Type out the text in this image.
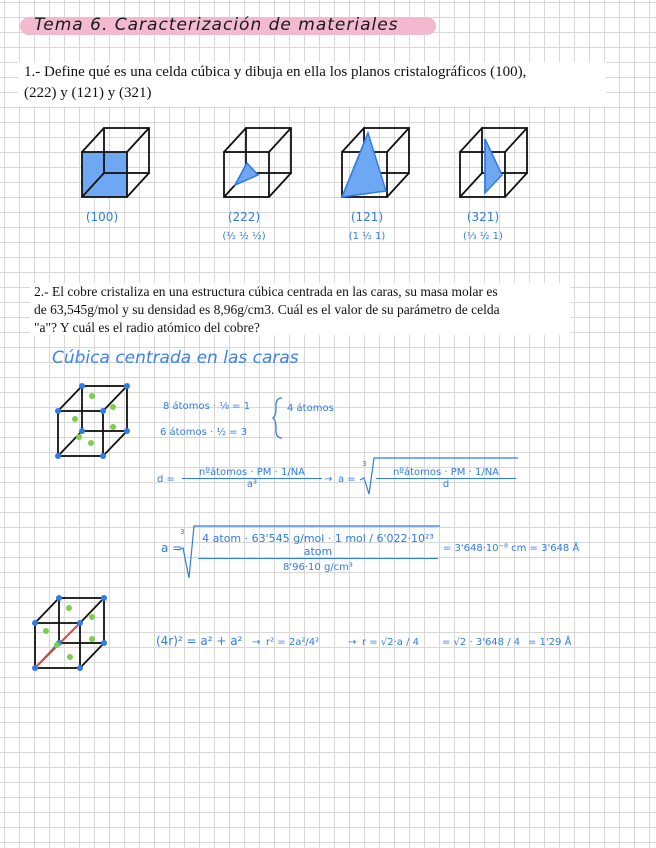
Tema 6. Caracterización de materiales
1.- Define qué es una celda cúbica y dibuja en ella los planos cristalográficos (100),
(222) y (121) y (321)
(100)	(222)
(½ ½ ½)
(121)
(1 ½ 1)
(321)
(⅓ ½ 1)
2.- El cobre cristaliza en una estructura cúbica centrada en las caras, su masa molar es
de 63,545g/mol y su densidad es 8,96g/cm3. Cuál es el valor de su parámetro de celda
"a"? Y cuál es el radio atómico del cobre?
Cúbica centrada en las caras
8 átomos · ⅛ = 1
6 átomos · ½ = 3
4 átomos
d =
nºátomos · PM · 1/NA
a³	→ a =
3
nºátomos · PM · 1/NA
d
a =
3	4 atom · 63'545 g/mol · 1 mol / 6'022·10²³ atom
8'96·10 g/cm³
= 3'648·10⁻⁸ cm = 3'648 Å
(4r)² = a² + a² → r² = 2a²/4²	→ r = √2·a / 4 = √2 · 3'648 / 4 = 1'29 Å
